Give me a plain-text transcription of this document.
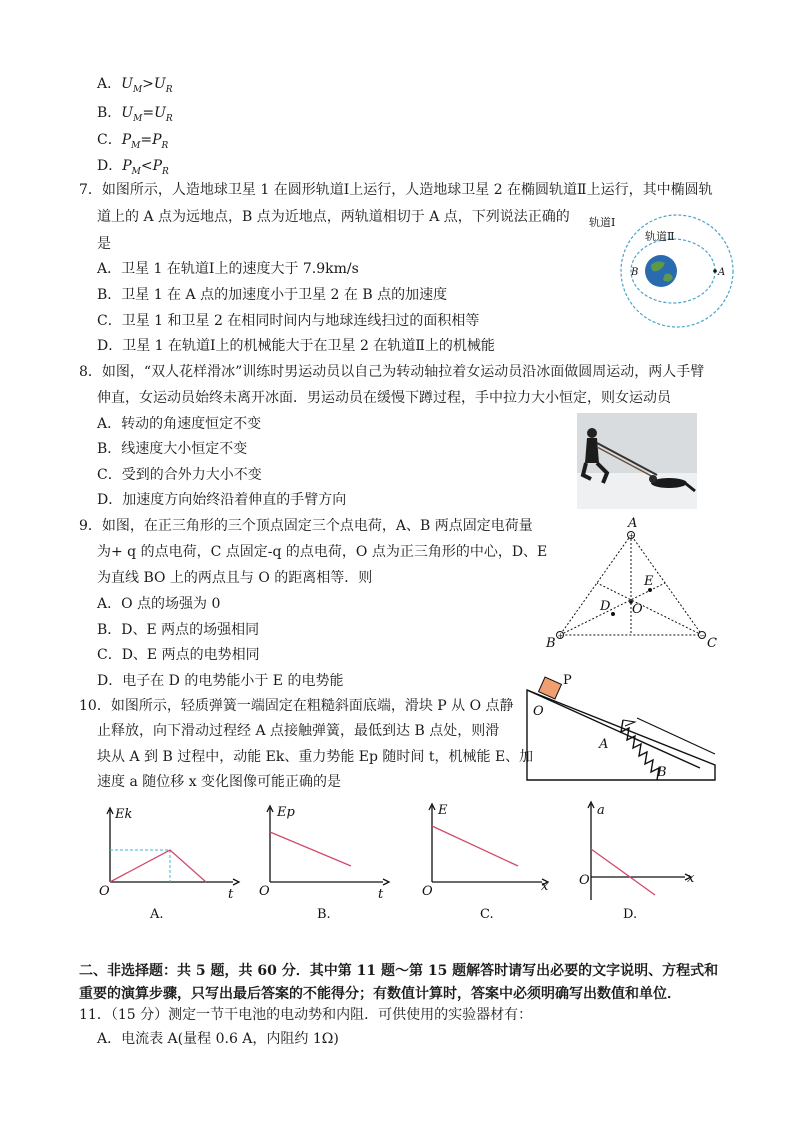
A．$U_M>U_R$
B．$U_M=U_R$
C．$P_M=P_R$
D．$P_M<P_R$
7．如图所示，人造地球卫星 1 在圆形轨道Ⅰ上运行，人造地球卫星 2 在椭圆轨道Ⅱ上运行，其中椭圆轨
道上的 A 点为远地点，B 点为近地点，两轨道相切于 A 点，下列说法正确的
是
A．卫星 1 在轨道Ⅰ上的速度大于 7.9km/s
B．卫星 1 在 A 点的加速度小于卫星 2 在 B 点的加速度
C．卫星 1 和卫星 2 在相同时间内与地球连线扫过的面积相等
D．卫星 1 在轨道Ⅰ上的机械能大于在卫星 2 在轨道Ⅱ上的机械能
轨道Ⅰ
轨道Ⅱ
B	A
8．如图，“双人花样滑冰”训练时男运动员以自己为转动轴拉着女运动员沿冰面做圆周运动，两人手臂
伸直，女运动员始终未离开冰面．男运动员在缓慢下蹲过程，手中拉力大小恒定，则女运动员
A．转动的角速度恒定不变
B．线速度大小恒定不变
C．受到的合外力大小不变
D．加速度方向始终沿着伸直的手臂方向
9．如图，在正三角形的三个顶点固定三个点电荷，A、B 两点固定电荷量
为+ q 的点电荷，C 点固定-q 的点电荷，O 点为正三角形的中心，D、E
为直线 BO 上的两点且与 O 的距离相等．则
A．O 点的场强为 0
B．D、E 两点的场强相同
C．D、E 两点的电势相同
D．电子在 D 的电势能小于 E 的电势能
+
+	−
A
B	C
D
E
O
10．如图所示，轻质弹簧一端固定在粗糙斜面底端，滑块 P 从 O 点静
止释放，向下滑动过程经 A 点接触弹簧，最低到达 B 点处，则滑
块从 A 到 B 过程中，动能 Ek、重力势能 Ep 随时间 t，机械能 E、加
速度 a 随位移 x 变化图像可能正确的是
P
O
A
B
Ek
t
O
A.
Ep
t
O
B.
E
x
O
C.
a
x
O
D.
二、非选择题：共 5 题，共 60 分．其中第 11 题～第 15 题解答时请写出必要的文字说明、方程式和
重要的演算步骤，只写出最后答案的不能得分；有数值计算时，答案中必须明确写出数值和单位．
11．（15 分）测定一节干电池的电动势和内阻．可供使用的实验器材有：
A．电流表 A(量程 0.6 A，内阻约 1Ω)
